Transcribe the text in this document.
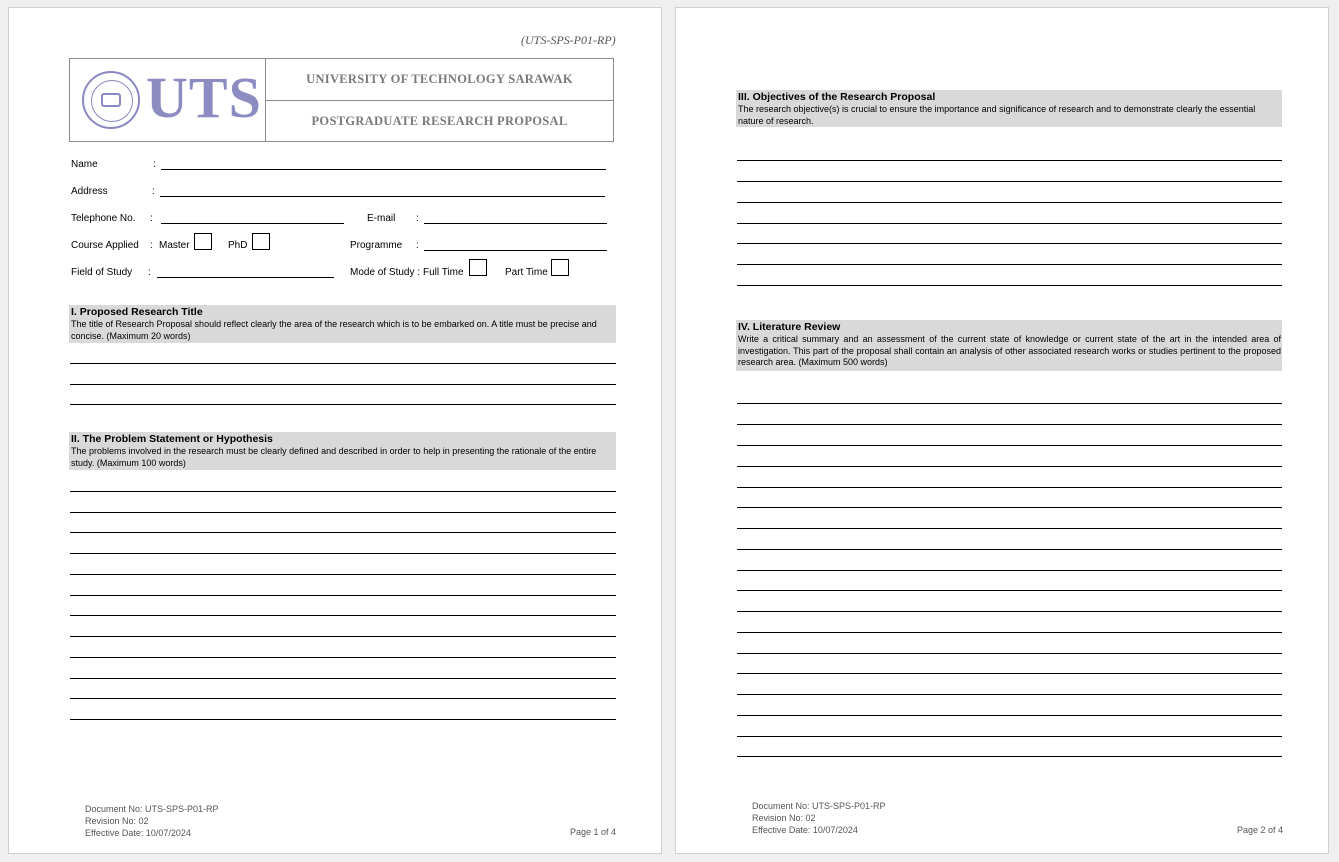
(UTS-SPS-P01-RP)
UTS	UNIVERSITY OF TECHNOLOGY SARAWAK
POSTGRADUATE RESEARCH PROPOSAL
Name	:
Address	:
Telephone No. :	E-mail :
Course Applied : Master	PhD	Programme :
Field of Study :	Mode of Study : Full Time	Part Time
I. Proposed Research Title

The title of Research Proposal should reflect clearly the area of the research which is to be embarked on. A title must be precise and concise. (Maximum 20 words)

II. The Problem Statement or Hypothesis

The problems involved in the research must be clearly defined and described in order to help in presenting the rationale of the entire study. (Maximum 100 words)

Document No: UTS-SPS-P01-RP
Revision No: 02
Effective Date: 10/07/2024	Page 1 of 4
III. Objectives of the Research Proposal

The research objective(s) is crucial to ensure the importance and significance of research and to demonstrate clearly the essential nature of research.

IV. Literature Review

Write a critical summary and an assessment of the current state of knowledge or current state of the art in the intended area of investigation. This part of the proposal shall contain an analysis of other associated research works or studies pertinent to the proposed research area. (Maximum 500 words)

Document No: UTS-SPS-P01-RP
Revision No: 02
Effective Date: 10/07/2024	Page 2 of 4
